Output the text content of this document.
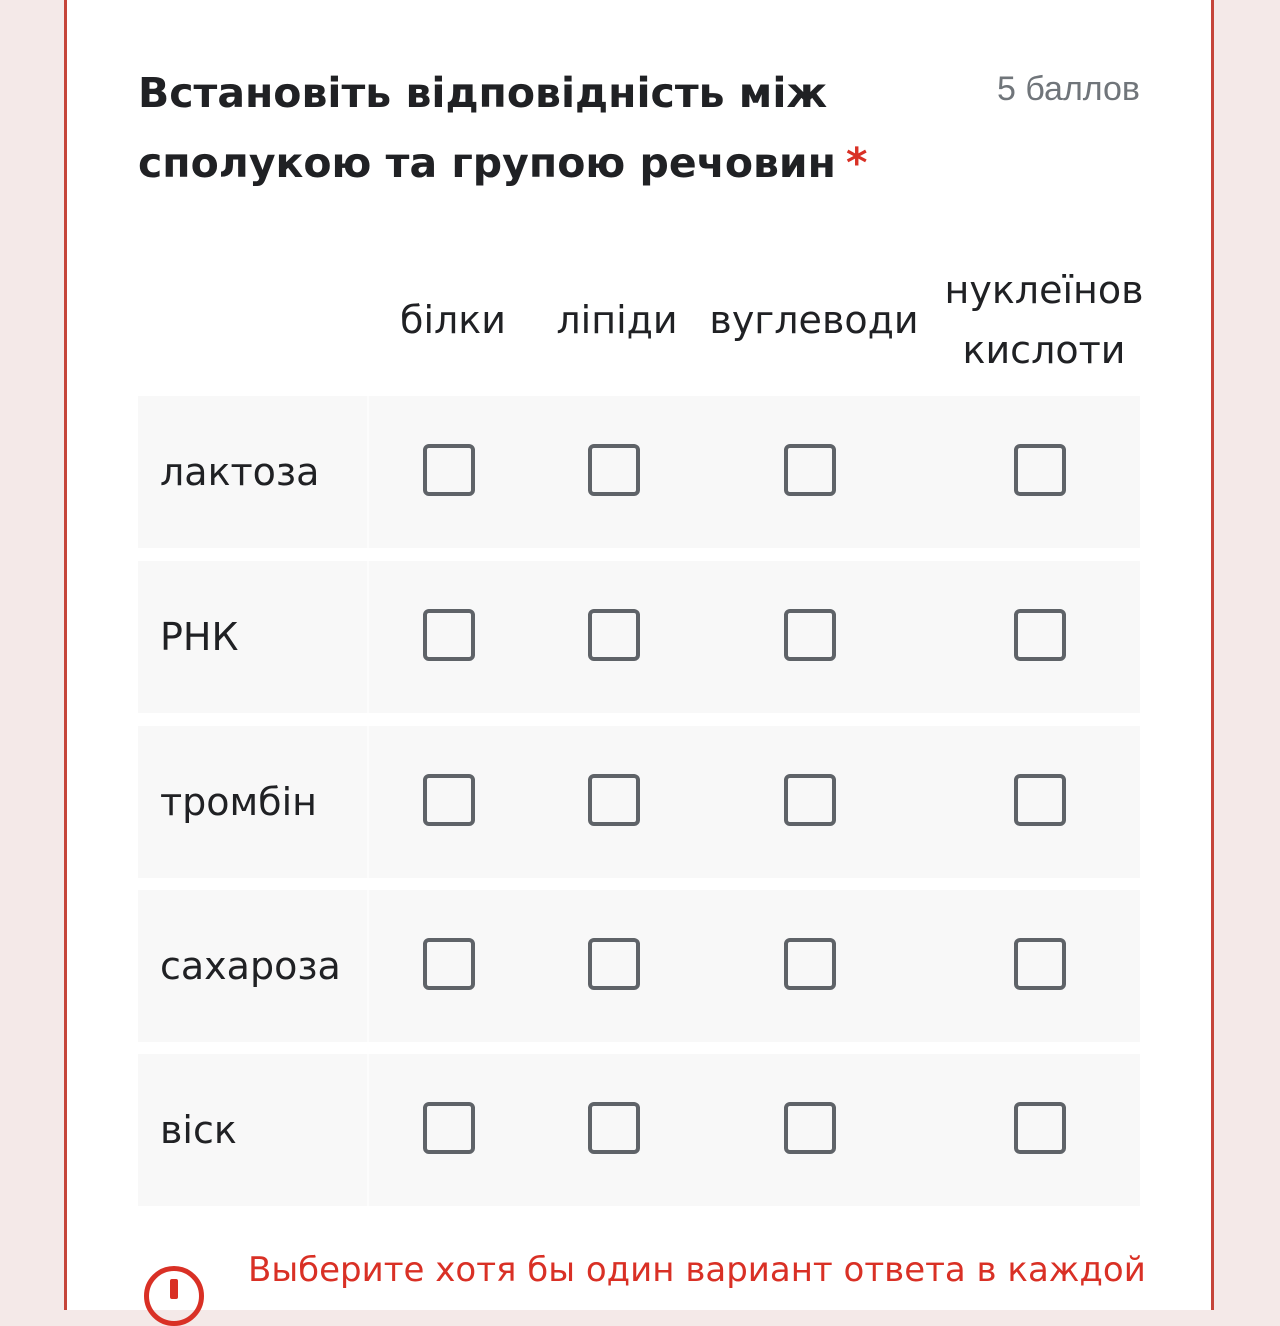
Встановіть відповідність між сполукою та групою речовин *
5 баллов
білки	ліпіди вуглеводи
нуклеїнов кислоти
лактоза
РНК
тромбін
сахароза
віск
Выберите хотя бы один вариант ответа в каждой
